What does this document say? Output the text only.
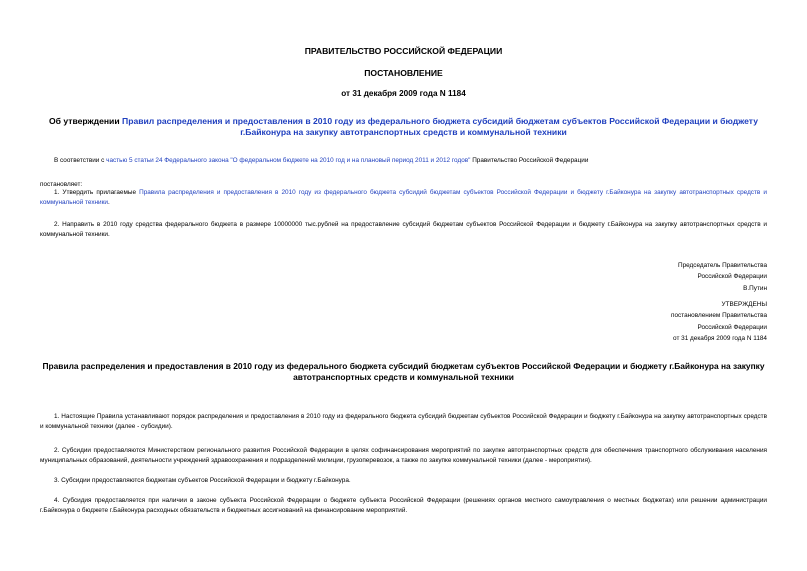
ПРАВИТЕЛЬСТВО РОССИЙСКОЙ ФЕДЕРАЦИИ
ПОСТАНОВЛЕНИЕ
от 31 декабря 2009 года N 1184
Об утверждении Правил распределения и предоставления в 2010 году из федерального бюджета субсидий бюджетам субъектов Российской Федерации и бюджету г.Байконура на закупку автотранспортных средств и коммунальной техники
В соответствии с частью 5 статьи 24 Федерального закона "О федеральном бюджете на 2010 год и на плановый период 2011 и 2012 годов" Правительство Российской Федерации
постановляет:
1. Утвердить прилагаемые Правила распределения и предоставления в 2010 году из федерального бюджета субсидий бюджетам субъектов Российской Федерации и бюджету г.Байконура на закупку автотранспортных средств и коммунальной техники.
2. Направить в 2010 году средства федерального бюджета в размере 10000000 тыс.рублей на предоставление субсидий бюджетам субъектов Российской Федерации и бюджету г.Байконура на закупку автотранспортных средств и коммунальной техники.
Председатель Правительства
Российской Федерации
В.Путин
УТВЕРЖДЕНЫ
постановлением Правительства
Российской Федерации
от 31 декабря 2009 года N 1184
Правила распределения и предоставления в 2010 году из федерального бюджета субсидий бюджетам субъектов Российской Федерации и бюджету г.Байконура на закупку автотранспортных средств и коммунальной техники
1. Настоящие Правила устанавливают порядок распределения и предоставления в 2010 году из федерального бюджета субсидий бюджетам субъектов Российской Федерации и бюджету г.Байконура на закупку автотранспортных средств и коммунальной техники (далее - субсидии).
2. Субсидии предоставляются Министерством регионального развития Российской Федерации в целях софинансирования мероприятий по закупке автотранспортных средств для обеспечения транспортного обслуживания населения муниципальных образований, деятельности учреждений здравоохранения и подразделений милиции, грузоперевозок, а также по закупке коммунальной техники (далее - мероприятия).
3. Субсидии предоставляются бюджетам субъектов Российской Федерации и бюджету г.Байконура.
4. Субсидия предоставляется при наличии в законе субъекта Российской Федерации о бюджете субъекта Российской Федерации (решениях органов местного самоуправления о местных бюджетах) или решении администрации г.Байконура о бюджете г.Байконура расходных обязательств и бюджетных ассигнований на финансирование мероприятий.
